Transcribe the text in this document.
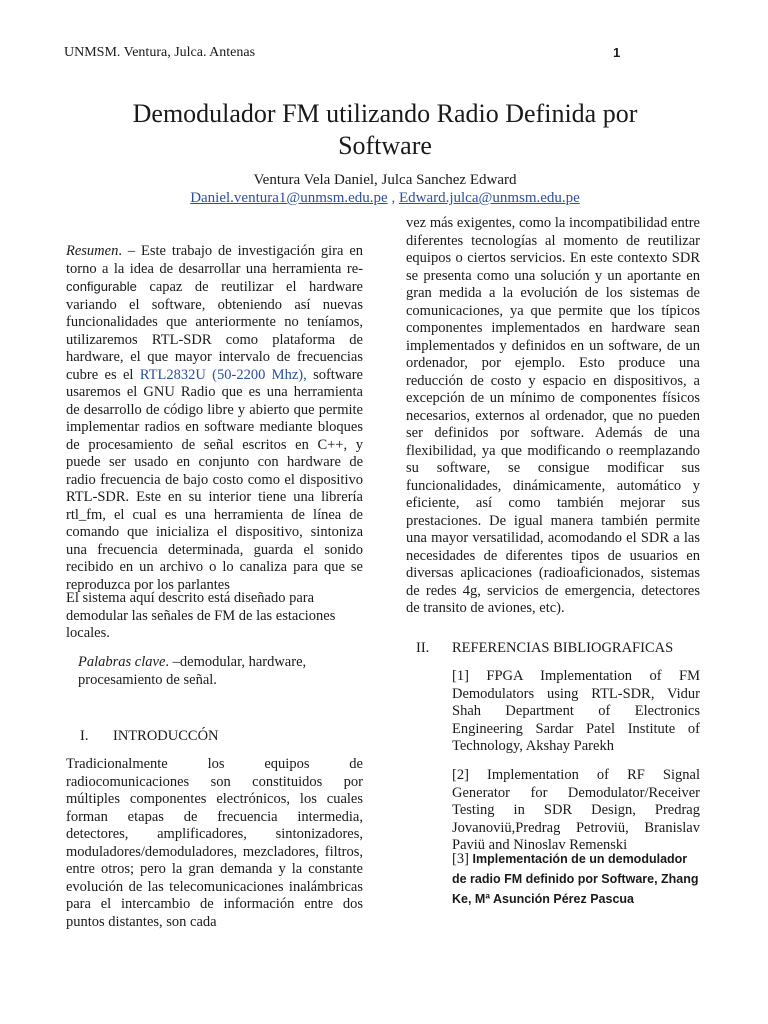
UNMSM. Ventura, Julca. Antenas	1
Demodulador FM utilizando Radio Definida por
Software
Ventura Vela Daniel, Julca Sanchez Edward
Daniel.ventura1@unmsm.edu.pe , Edward.julca@unmsm.edu.pe

Resumen. – Este trabajo de investigación gira en torno a la idea de desarrollar una herramienta re-configurable capaz de reutilizar el hardware variando el software, obteniendo así nuevas funcionalidades que anteriormente no teníamos, utilizaremos RTL-SDR como plataforma de hardware, el que mayor intervalo de frecuencias cubre es el RTL2832U (50-2200 Mhz), software usaremos el GNU Radio que es una herramienta de desarrollo de código libre y abierto que permite implementar radios en software mediante bloques de procesamiento de señal escritos en C++, y puede ser usado en conjunto con hardware de radio frecuencia de bajo costo como el dispositivo RTL-SDR. Este en su interior tiene una librería rtl_fm, el cual es una herramienta de línea de comando que inicializa el dispositivo, sintoniza una frecuencia determinada, guarda el sonido recibido en un archivo o lo canaliza para que se reproduzca por los parlantes

El sistema aquí descrito está diseñado para demodular las señales de FM de las estaciones locales.
Palabras clave. –demodular, hardware, procesamiento de señal.
I. INTRODUCCÓN
Tradicionalmente los equipos de radiocomunicaciones son constituidos por múltiples componentes electrónicos, los cuales forman etapas de frecuencia intermedia, detectores, amplificadores, sintonizadores, moduladores/demoduladores, mezcladores, filtros, entre otros; pero la gran demanda y la constante evolución de las telecomunicaciones inalámbricas para el intercambio de información entre dos puntos distantes, son cada
vez más exigentes, como la incompatibilidad entre diferentes tecnologías al momento de reutilizar equipos o ciertos servicios. En este contexto SDR se presenta como una solución y un aportante en gran medida a la evolución de los sistemas de comunicaciones, ya que permite que los típicos componentes implementados en hardware sean implementados y definidos en un software, de un ordenador, por ejemplo. Esto produce una reducción de costo y espacio en dispositivos, a excepción de un mínimo de componentes físicos necesarios, externos al ordenador, que no pueden ser definidos por software. Además de una flexibilidad, ya que modificando o reemplazando su software, se consigue modificar sus funcionalidades, dinámicamente, automático y eficiente, así como también mejorar sus prestaciones. De igual manera también permite una mayor versatilidad, acomodando el SDR a las necesidades de diferentes tipos de usuarios en diversas aplicaciones (radioaficionados, sistemas de redes 4g, servicios de emergencia, detectores de transito de aviones, etc).
II. REFERENCIAS BIBLIOGRAFICAS
[1] FPGA Implementation of FM Demodulators using RTL-SDR, Vidur Shah Department of Electronics Engineering Sardar Patel Institute of Technology, Akshay Parekh
[2] Implementation of RF Signal Generator for Demodulator/Receiver Testing in SDR Design, Predrag Jovanoviü,Predrag Petroviü, Branislav Paviü and Ninoslav Remenski
[3] Implementación de un demodulador de radio FM definido por Software, Zhang Ke, Mª Asunción Pérez Pascua
